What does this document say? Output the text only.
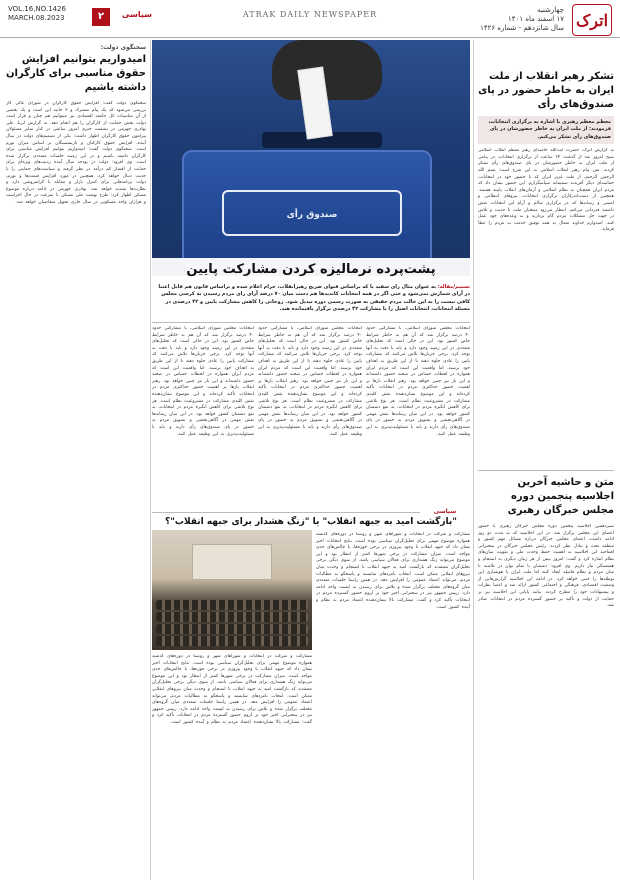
اترک
چهارشنبه
۱۷ اسفند ماه ۱۴۰۱
سال شانزدهم - شماره ۱۴۲۶
ATRAK DAILY NEWSPAPER
VOL.16,NO.1426
MARCH.08.2023	۲	سیاسی
سخنگوی دولت:
امیدواریم بتوانیم افزایش حقوق مناسبی برای کارگران داشته باشیم
سخنگوی دولت گفت: افزایش حقوق کارگران در شورای عالی کار بررسی می‌شود که یک پیام مشترک و ۳ جانبه این است و یک بخشی از آن مناسبات کل جامعه اقتصادی نیز میتوانیم هم چنان و قرار است دولت بخش حمایت از کارگران را هم انجام دهد. به گزارش ایرنا، علی بهادری جهرمی در نشست خبری امروز ساعتی در کنار سایر مسئولان پیرامون حقوق کارگران اظهار داشت: یکی از تصمیم‌های دولت در سال آینده، افزایش حقوق کارکنان و بازنشستگان بر اساس میزان تورم است. سخنگوی دولت گفت: امیدواریم بتوانیم افزایش مناسبی برای کارگران داشته باشیم و در این زمینه جلسات متعددی برگزار شده است. وی افزود: دولت در بودجه سال آینده ردیف‌های ویژه‌ای برای حمایت از اقشار کم درآمد در نظر گرفته و سیاست‌های حمایتی را با جدیت دنبال خواهد کرد. همچنین در مورد افزایش قیمت‌ها و تورم، دولت برنامه‌هایی برای کنترل بازار و مقابله با گرانفروشی دارد و نظارت‌ها تشدید خواهد شد. بهادری جهرمی در ادامه درباره موضوع مسکن اظهار کرد: طرح نهضت ملی مسکن با سرعت در حال اجراست و هزاران واحد مسکونی در سال جاری تحویل متقاضیان خواهد شد.
صندوق رأی
پشت‌پرده نرمالیزه کردن مشارکت پایین
تسنیم/مقاله: به عنوان مثال رای سفید یا که براساس فتوای صریح رهبرانقلاب، حرام اعلام شده و براساس قانون هم قابل اعتنا در آرای شمارش نمی‌شود و حتی اگر در همه انتخابات کاندیدها هم دست میان ۷۰ درصد آرای رای مردم رسیدن به کرسی مجلس کافی نیست را به این حالت مردم حقیقی به صورت رسمی دوره تبدیل شود. روحانی را کاهش مشارکت پایین و ۴۲ درصدی در مسئله انتخابات، انتخابات اصیل را با مشارکت ۴۲ درصدی برگزار باقیمانده هند.
انتخابات مجلس شورای اسلامی، با مشارکتی حدود ۴۰ درصد برگزار شد که آن هم به خاطر شرایط خاص کشور بود. این در حالی است که تحلیل‌های متعددی در این زمینه وجود دارد و باید با دقت به آنها توجه کرد. برخی جریان‌ها تلاش می‌کنند که مشارکت پایین را عادی جلوه دهند تا از این طریق به اهداف خود برسند. اما واقعیت این است که مردم ایران همواره در لحظات حساس در صحنه حضور داشته‌اند و این بار نیز چنین خواهد بود. رهبر انقلاب بارها بر اهمیت حضور حداکثری مردم در انتخابات تأکید کرده‌اند و این موضوع نشان‌دهنده نقش کلیدی مشارکت در مشروعیت نظام است. هر نوع تلاشی برای کاهش انگیزه مردم در انتخابات، به نفع دشمنان کشور خواهد بود. در این میان رسانه‌ها نقش مهمی در آگاهی‌بخشی و تشویق مردم به حضور در پای صندوق‌های رأی دارند و باید با مسئولیت‌پذیری به این وظیفه عمل کنند.
انتخابات مجلس شورای اسلامی، با مشارکتی حدود ۴۰ درصد برگزار شد که آن هم به خاطر شرایط خاص کشور بود. این در حالی است که تحلیل‌های متعددی در این زمینه وجود دارد و باید با دقت به آنها توجه کرد. برخی جریان‌ها تلاش می‌کنند که مشارکت پایین را عادی جلوه دهند تا از این طریق به اهداف خود برسند. اما واقعیت این است که مردم ایران همواره در لحظات حساس در صحنه حضور داشته‌اند و این بار نیز چنین خواهد بود. رهبر انقلاب بارها بر اهمیت حضور حداکثری مردم در انتخابات تأکید کرده‌اند و این موضوع نشان‌دهنده نقش کلیدی مشارکت در مشروعیت نظام است. هر نوع تلاشی برای کاهش انگیزه مردم در انتخابات، به نفع دشمنان کشور خواهد بود. در این میان رسانه‌ها نقش مهمی در آگاهی‌بخشی و تشویق مردم به حضور در پای صندوق‌های رأی دارند و باید با مسئولیت‌پذیری به این وظیفه عمل کنند.
انتخابات مجلس شورای اسلامی، با مشارکتی حدود ۴۰ درصد برگزار شد که آن هم به خاطر شرایط خاص کشور بود. این در حالی است که تحلیل‌های متعددی در این زمینه وجود دارد و باید با دقت به آنها توجه کرد. برخی جریان‌ها تلاش می‌کنند که مشارکت پایین را عادی جلوه دهند تا از این طریق به اهداف خود برسند. اما واقعیت این است که مردم ایران همواره در لحظات حساس در صحنه حضور داشته‌اند و این بار نیز چنین خواهد بود. رهبر انقلاب بارها بر اهمیت حضور حداکثری مردم در انتخابات تأکید کرده‌اند و این موضوع نشان‌دهنده نقش کلیدی مشارکت در مشروعیت نظام است. هر نوع تلاشی برای کاهش انگیزه مردم در انتخابات، به نفع دشمنان کشور خواهد بود. در این میان رسانه‌ها نقش مهمی در آگاهی‌بخشی و تشویق مردم به حضور در پای صندوق‌های رأی دارند و باید با مسئولیت‌پذیری به این وظیفه عمل کنند.
سیاسی
"بازگشت امید به جبهه انقلاب" یا "زنگ هشدار برای جبهه انقلاب"؟
مشارکت و شرکت در انتخابات و شوراهای شهر و روستا در دوره‌های گذشته همواره موضوع مهمی برای تحلیل‌گران سیاسی بوده است. نتایج انتخابات اخیر نشان داد که جبهه انقلاب با وجود پیروزی در برخی حوزه‌ها، با چالش‌های جدی مواجه است. میزان مشارکت در برخی شهرها کمتر از انتظار بود و این موضوع می‌تواند زنگ هشداری برای فعالان سیاسی باشد. از سوی دیگر، برخی تحلیل‌گران معتقدند که بازگشت امید به جبهه انقلاب با انسجام و وحدت میان نیروهای انقلابی ممکن است. انتخاب نامزدهای شایسته و پاسخگو به مطالبات مردم، می‌تواند اعتماد عمومی را افزایش دهد. در همین راستا جلسات متعددی میان گروه‌های مختلف برگزار شده و تلاش برای رسیدن به لیست واحد ادامه دارد. رییس جمهور نیز در سخنرانی اخیر خود بر لزوم حضور گسترده مردم در انتخابات تأکید کرد و گفت: مشارکت بالا نشان‌دهنده اعتماد مردم به نظام و آینده کشور است.
مشارکت و شرکت در انتخابات و شوراهای شهر و روستا در دوره‌های گذشته همواره موضوع مهمی برای تحلیل‌گران سیاسی بوده است. نتایج انتخابات اخیر نشان داد که جبهه انقلاب با وجود پیروزی در برخی حوزه‌ها، با چالش‌های جدی مواجه است. میزان مشارکت در برخی شهرها کمتر از انتظار بود و این موضوع می‌تواند زنگ هشداری برای فعالان سیاسی باشد. از سوی دیگر، برخی تحلیل‌گران معتقدند که بازگشت امید به جبهه انقلاب با انسجام و وحدت میان نیروهای انقلابی ممکن است. انتخاب نامزدهای شایسته و پاسخگو به مطالبات مردم، می‌تواند اعتماد عمومی را افزایش دهد. در همین راستا جلسات متعددی میان گروه‌های مختلف برگزار شده و تلاش برای رسیدن به لیست واحد ادامه دارد. رییس جمهور نیز در سخنرانی اخیر خود بر لزوم حضور گسترده مردم در انتخابات تأکید کرد و گفت: مشارکت بالا نشان‌دهنده اعتماد مردم به نظام و آینده کشور است.
تشکر رهبر انقلاب از ملت ایران به خاطر حضور در پای صندوق‌های رأی
معظم معظم رهبری با اشاره به برگزاری انتخابات، فرمودند: از ملت ایران به خاطر حضورشان در پای صندوق‌های رأی تشکر می‌کنم.
به گزارش اترک، حضرت آیت‌الله خامنه‌ای رهبر معظم انقلاب اسلامی صبح امروز بعد از گذشت ۲۴ ساعت از برگزاری انتخابات، در پیامی از ملت ایران به خاطر حضورشان در پای صندوق‌های رأی تشکر کردند. متن پیام رهبر انقلاب اسلامی به این شرح است: بسم الله الرحمن الرحیم، از ملت عزیز ایران که با حضور خود در انتخابات، حماسه‌ای دیگر آفریدند صمیمانه سپاسگزارم. این حضور نشان داد که مردم ایران همچنان به نظام اسلامی و آرمان‌های انقلاب پایبند هستند. همچنین از دست‌اندرکاران برگزاری انتخابات، نیروهای انتظامی و امنیتی و رسانه‌ها که در برگزاری سالم و آرام این انتخابات نقش داشتند قدردانی می‌کنم. انتظار می‌رود منتخبان ملت با جدیت و تلاش در جهت حل مشکلات مردم گام بردارند و به وعده‌های خود عمل کنند. امیدوارم خداوند متعال به همه توفیق خدمت به مردم را عطا فرماید.
متن و حاشیه آخرین اجلاسیه پنجمین دوره مجلس خبرگان رهبری
سیزدهمین اجلاسیه پنجمین دوره مجلس خبرگان رهبری با حضور اعضای این مجلس برگزار شد. در این اجلاسیه که به مدت دو روز ادامه داشت، اعضای مجلس خبرگان درباره مسائل مهم کشور و منطقه بحث و تبادل نظر کردند. رئیس مجلس خبرگان در سخنرانی افتتاحیه این اجلاسیه به اهمیت حفظ وحدت ملی و تقویت بنیان‌های نظام اشاره کرد و گفت: امروز بیش از هر زمان دیگری به انسجام و همبستگی نیاز داریم. وی افزود: دشمنان با تمام توان در تلاشند تا میان مردم و نظام فاصله ایجاد کنند اما ملت ایران با هوشیاری این توطئه‌ها را خنثی خواهد کرد. در ادامه این اجلاسیه گزارش‌هایی از وضعیت اقتصادی، فرهنگی و اجتماعی کشور ارائه شد و اعضا نظرات و پیشنهادات خود را مطرح کردند. بیانیه پایانی این اجلاسیه نیز بر حمایت از دولت و تأکید بر حضور گسترده مردم در انتخابات صادر شد.
